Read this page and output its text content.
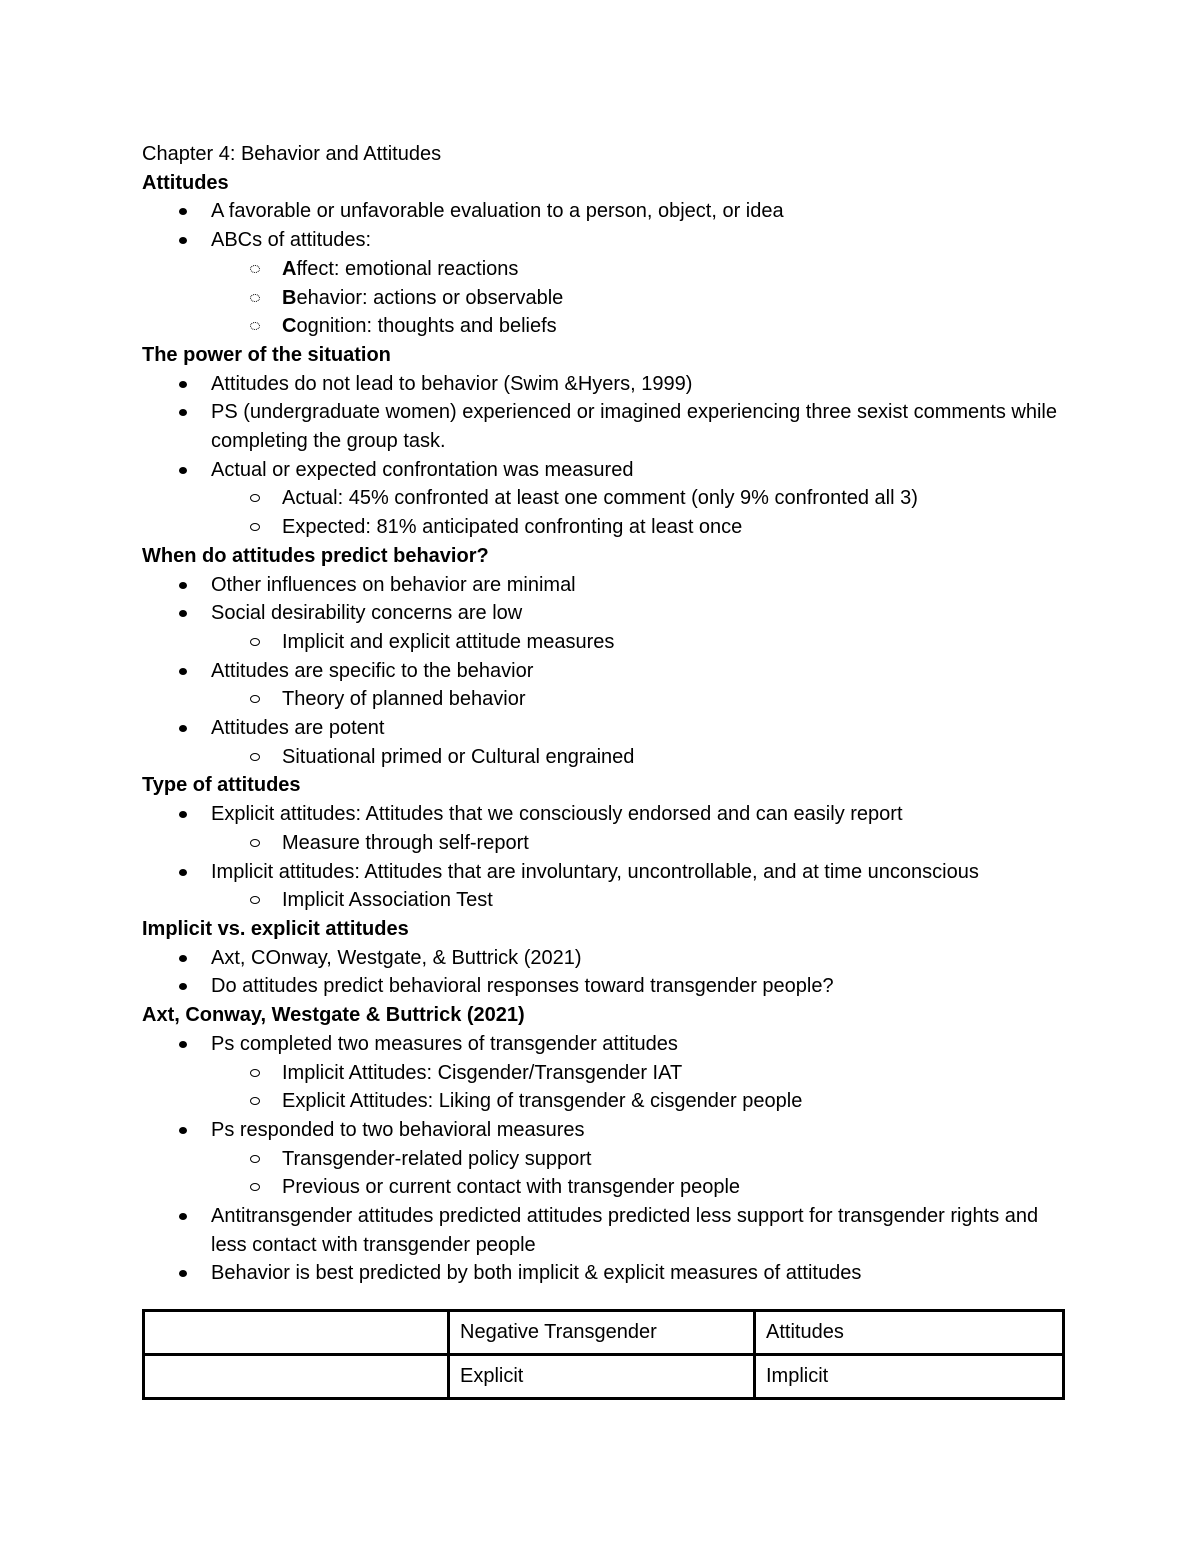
Chapter 4: Behavior and Attitudes
Attitudes
A favorable or unfavorable evaluation to a person, object, or idea
ABCs of attitudes:
Affect: emotional reactions
Behavior: actions or observable
Cognition: thoughts and beliefs
The power of the situation
Attitudes do not lead to behavior (Swim &Hyers, 1999)
PS (undergraduate women) experienced or imagined experiencing three sexist comments while completing the group task.
Actual or expected confrontation was measured
Actual: 45% confronted at least one comment (only 9% confronted all 3)
Expected: 81% anticipated confronting at least once
When do attitudes predict behavior?
Other influences on behavior are minimal
Social desirability concerns are low
Implicit and explicit attitude measures
Attitudes are specific to the behavior
Theory of planned behavior
Attitudes are potent
Situational primed or Cultural engrained
Type of attitudes
Explicit attitudes: Attitudes that we consciously endorsed and can easily report
Measure through self-report
Implicit attitudes: Attitudes that are involuntary, uncontrollable, and at time unconscious
Implicit Association Test
Implicit vs. explicit attitudes
Axt, COnway, Westgate, & Buttrick (2021)
Do attitudes predict behavioral responses toward transgender people?
Axt, Conway, Westgate & Buttrick (2021)
Ps completed two measures of transgender attitudes
Implicit Attitudes: Cisgender/Transgender IAT
Explicit Attitudes: Liking of transgender & cisgender people
Ps responded to two behavioral measures
Transgender-related policy support
Previous or current contact with transgender people
Antitransgender attitudes predicted attitudes predicted less support for transgender rights and less contact with transgender people
Behavior is best predicted by both implicit & explicit measures of attitudes
	Negative Transgender	Attitudes
	Explicit	Implicit
